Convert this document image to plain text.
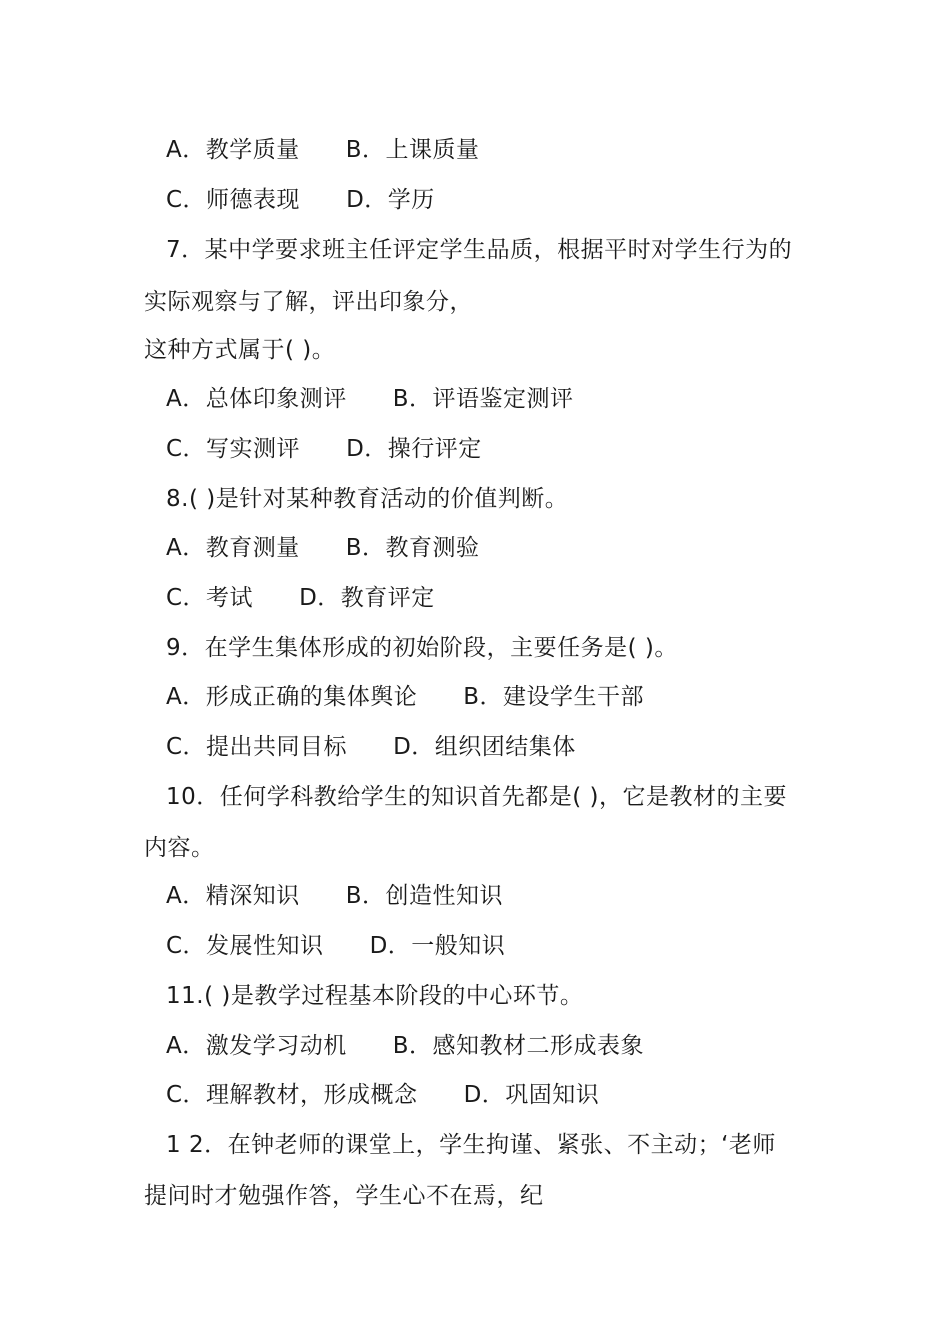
A．教学质量 B．上课质量
C．师德表现 D．学历
7．某中学要求班主任评定学生品质，根据平时对学生行为的
实际观察与了解，评出印象分，
这种方式属于( )。
A．总体印象测评 B．评语鉴定测评
C．写实测评 D．操行评定
8.( )是针对某种教育活动的价值判断。
A．教育测量 B．教育测验
C．考试 D．教育评定
9．在学生集体形成的初始阶段，主要任务是( )。
A．形成正确的集体舆论 B．建设学生干部
C．提出共同目标 D．组织团结集体
10．任何学科教给学生的知识首先都是( )，它是教材的主要
内容。
A．精深知识 B．创造性知识
C．发展性知识 D．一般知识
11.( )是教学过程基本阶段的中心环节。
A．激发学习动机 B．感知教材二形成表象
C．理解教材，形成概念 D．巩固知识
1 2．在钟老师的课堂上，学生拘谨、紧张、不主动；‘老师
提问时才勉强作答，学生心不在焉，纪
